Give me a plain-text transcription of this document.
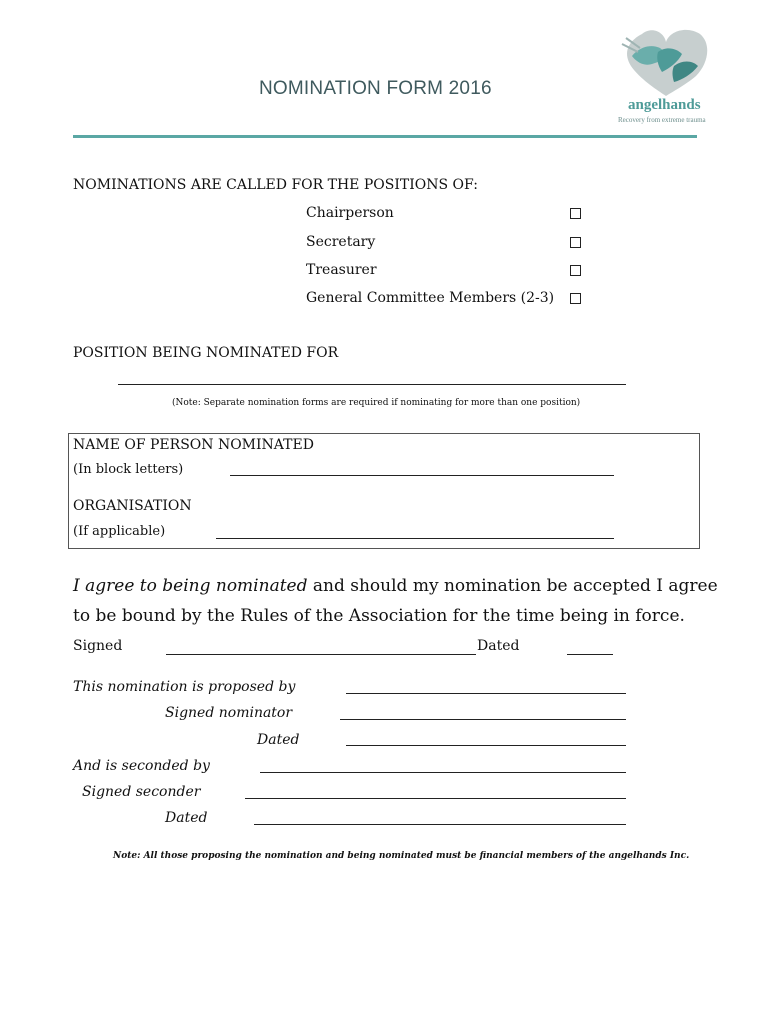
NOMINATION FORM 2016
angelhands
Recovery from extreme trauma
NOMINATIONS ARE CALLED FOR THE POSITIONS OF:
Chairperson
Secretary
Treasurer
General Committee Members (2-3)
POSITION BEING NOMINATED FOR
(Note: Separate nomination forms are required if nominating for more than one position)
NAME OF PERSON NOMINATED
(In block letters)
ORGANISATION
(If applicable)
I agree to being nominated and should my nomination be accepted I agree
to be bound by the Rules of the Association for the time being in force.
Signed	Dated
This nomination is proposed by
Signed nominator
Dated
And is seconded by
Signed seconder
Dated
Note: All those proposing the nomination and being nominated must be financial members of the angelhands Inc.
